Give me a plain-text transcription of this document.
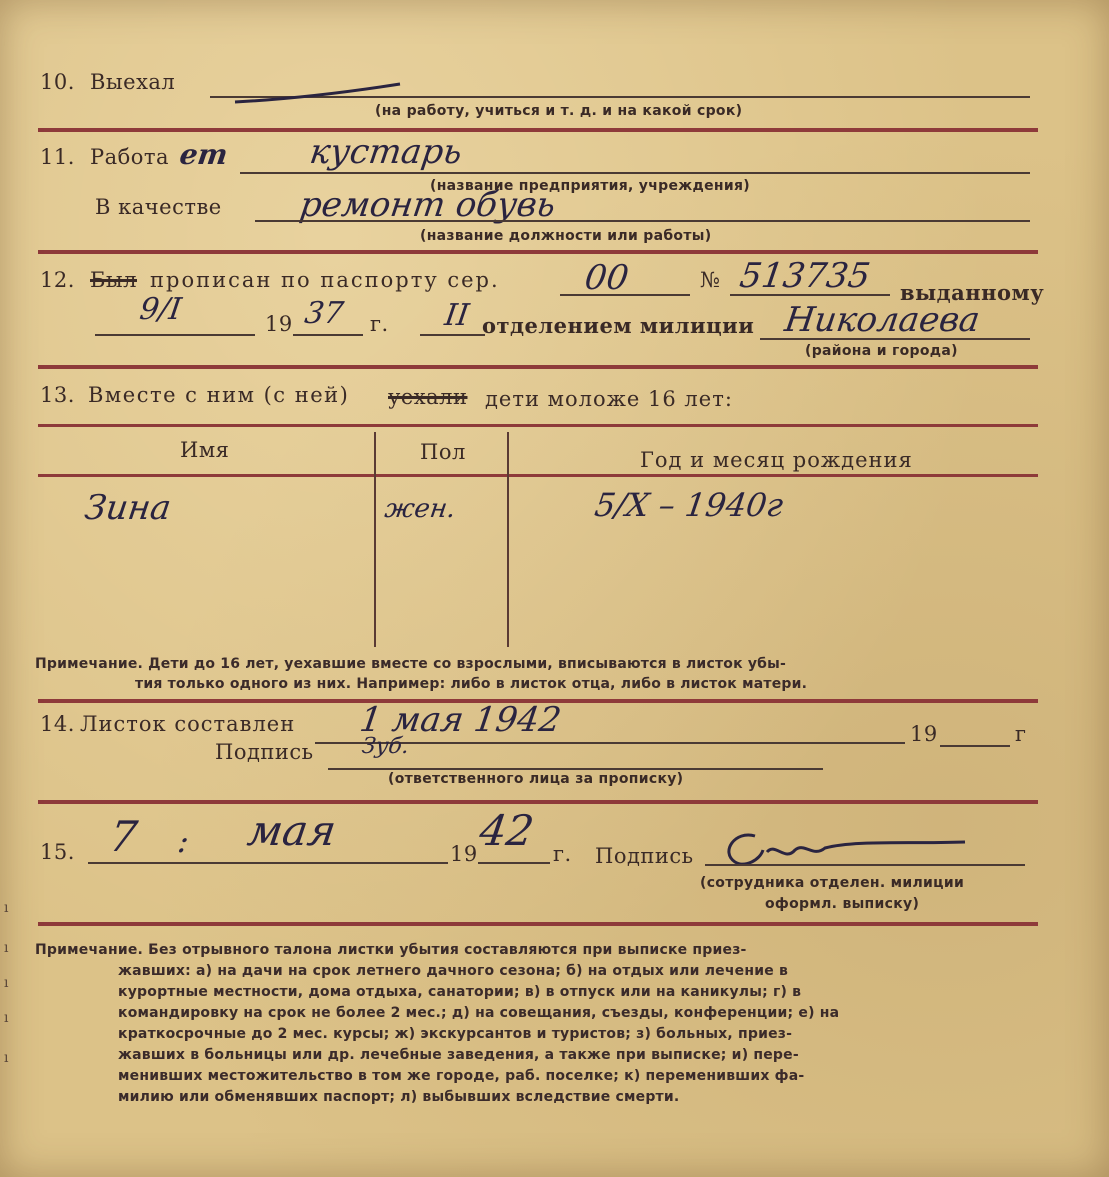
10. Выехал
(на работу, учиться и т. д. и на какой срок)
11. Работа ет кустарь
(название предприятия, учреждения)
В качестве ремонт обувь
(название должности или работы)
12. Был прописан по паспорту сер. 00	№ 513735 выданному
9/I	19 37 г. II отделением милиции Николаева
(района и города)
13. Вместе с ним (с ней) уехали дети моложе 16 лет:
Имя	Пол	Год и месяц рождения
Зина	жен.	5/X – 1940г
Примечание. Дети до 16 лет, уехавшие вместе со взрослыми, вписываются в листок убы-
тия только одного из них. Например: либо в листок отца, либо в листок матери.
14. Листок составлен 1 мая 1942	19	г
Подпись Зуб.
(ответственного лица за прописку)
15. 7 : мая	19
42 г. Подпись
(сотрудника отделен. милиции
оформл. выписку)
Примечание. Без отрывного талона листки убытия составляются при выписке приез-
жавших: а) на дачи на срок летнего дачного сезона; б) на отдых или лечение в
курортные местности, дома отдыха, санатории; в) в отпуск или на каникулы; г) в
командировку на срок не более 2 мес.; д) на совещания, съезды, конференции; е) на
краткосрочные до 2 мес. курсы; ж) экскурсантов и туристов; з) больных, приез-
жавших в больницы или др. лечебные заведения, а также при выписке; и) пере-
менивших местожительство в том же городе, раб. поселке; к) переменивших фа-
милию или обменявших паспорт; л) выбывших вследствие смерти.
ı
ı
ı
ı
ı
